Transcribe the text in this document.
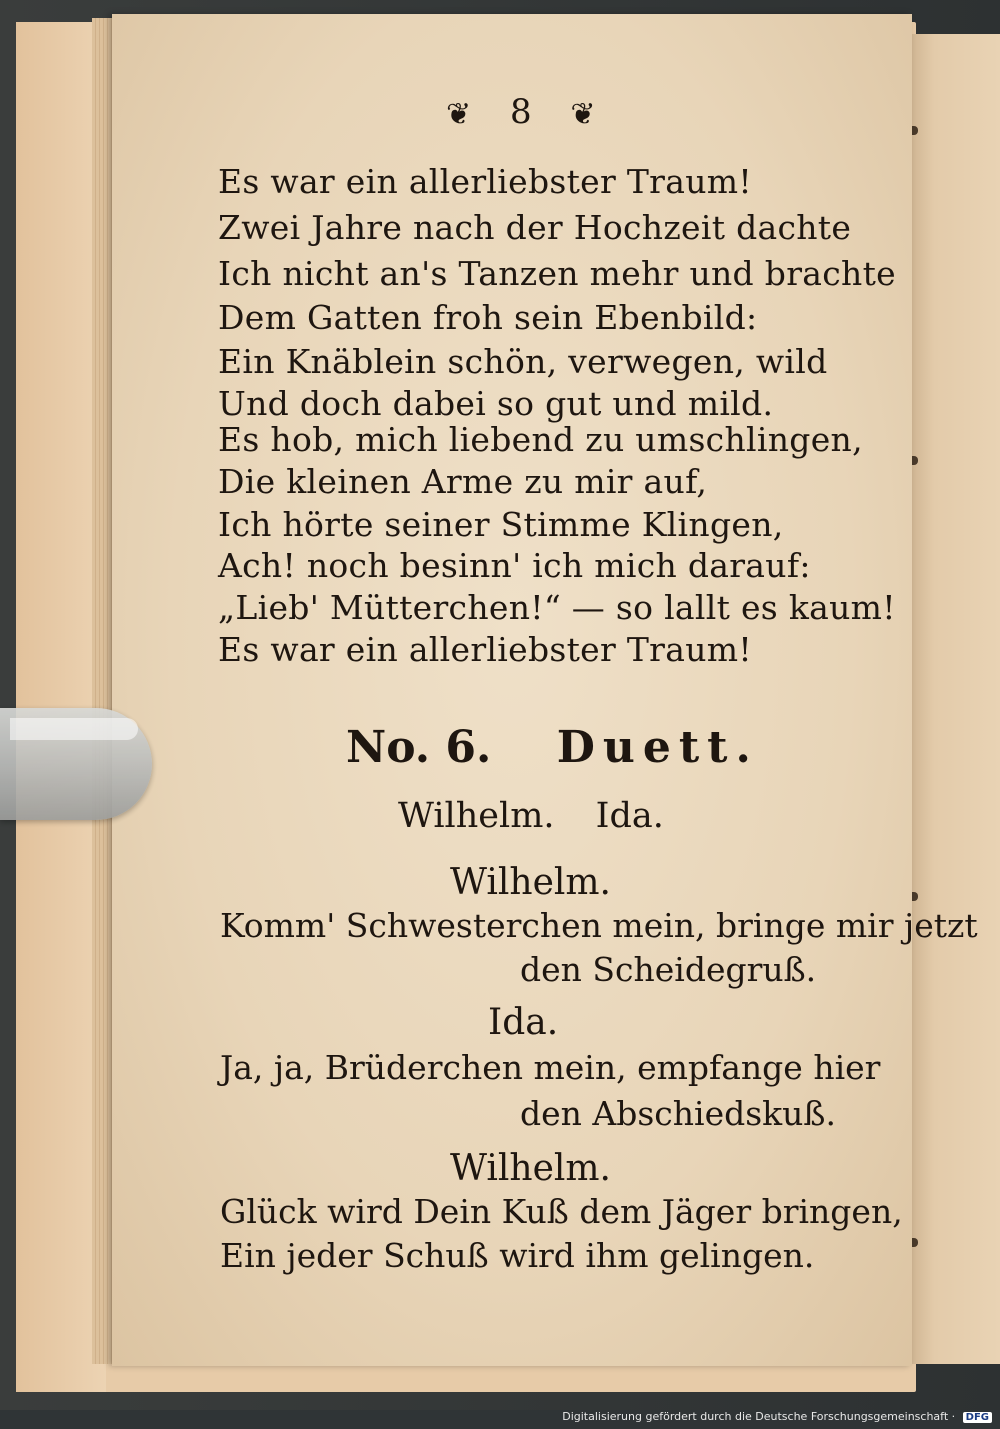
❦ 8 ❦
Es war ein allerliebster Traum!
Zwei Jahre nach der Hochzeit dachte
Ich nicht an's Tanzen mehr und brachte
Dem Gatten froh sein Ebenbild:
Ein Knäblein schön, verwegen, wild
Und doch dabei so gut und mild.
Es hob, mich liebend zu umschlingen,
Die kleinen Arme zu mir auf,
Ich hörte seiner Stimme Klingen,
Ach! noch besinn' ich mich darauf:
„Lieb' Mütterchen!“ — so lallt es kaum!
Es war ein allerliebster Traum!
No. 6. Duett.
Wilhelm. Ida.
Wilhelm.
Komm' Schwesterchen mein, bringe mir jetzt
den Scheidegruß.
Ida.
Ja, ja, Brüderchen mein, empfange hier
den Abschiedskuß.
Wilhelm.
Glück wird Dein Kuß dem Jäger bringen,
Ein jeder Schuß wird ihm gelingen.
Digitalisierung gefördert durch die Deutsche Forschungsgemeinschaft · DFG
